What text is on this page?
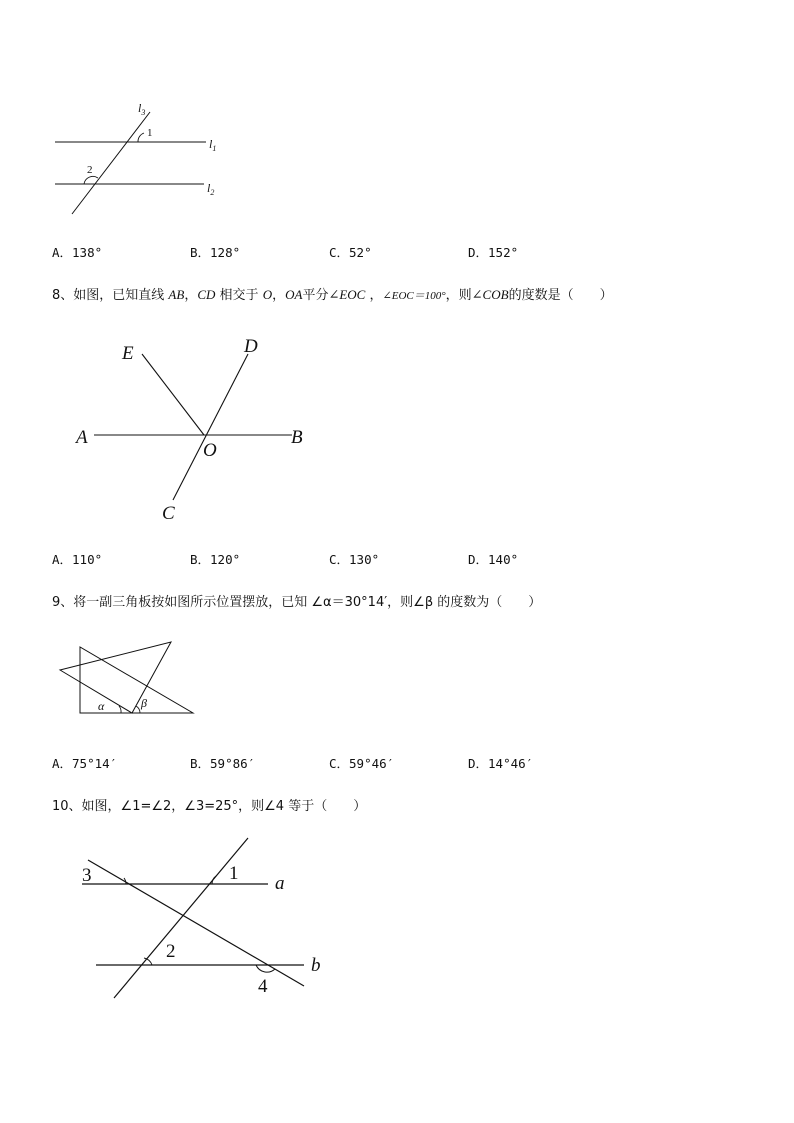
$l_3$
1
$l_1$
2
$l_2$
A．138°	B．128°	C．52°	D．152°
8、如图，已知直线 AB，CD 相交于 O，OA平分∠EOC ，∠EOC＝100°，则∠COB的度数是（　　）
E	D
A
O
B
C
A．110°	B．120°	C．130°	D．140°
9、将一副三角板按如图所示位置摆放，已知 ∠α＝30°14′，则∠β 的度数为（　　）
α	β
A．75°14′	B．59°86′	C．59°46′	D．14°46′
10、如图，∠1=∠2，∠3=25°，则∠4 等于（　　）
3	1 a
2
b
4
